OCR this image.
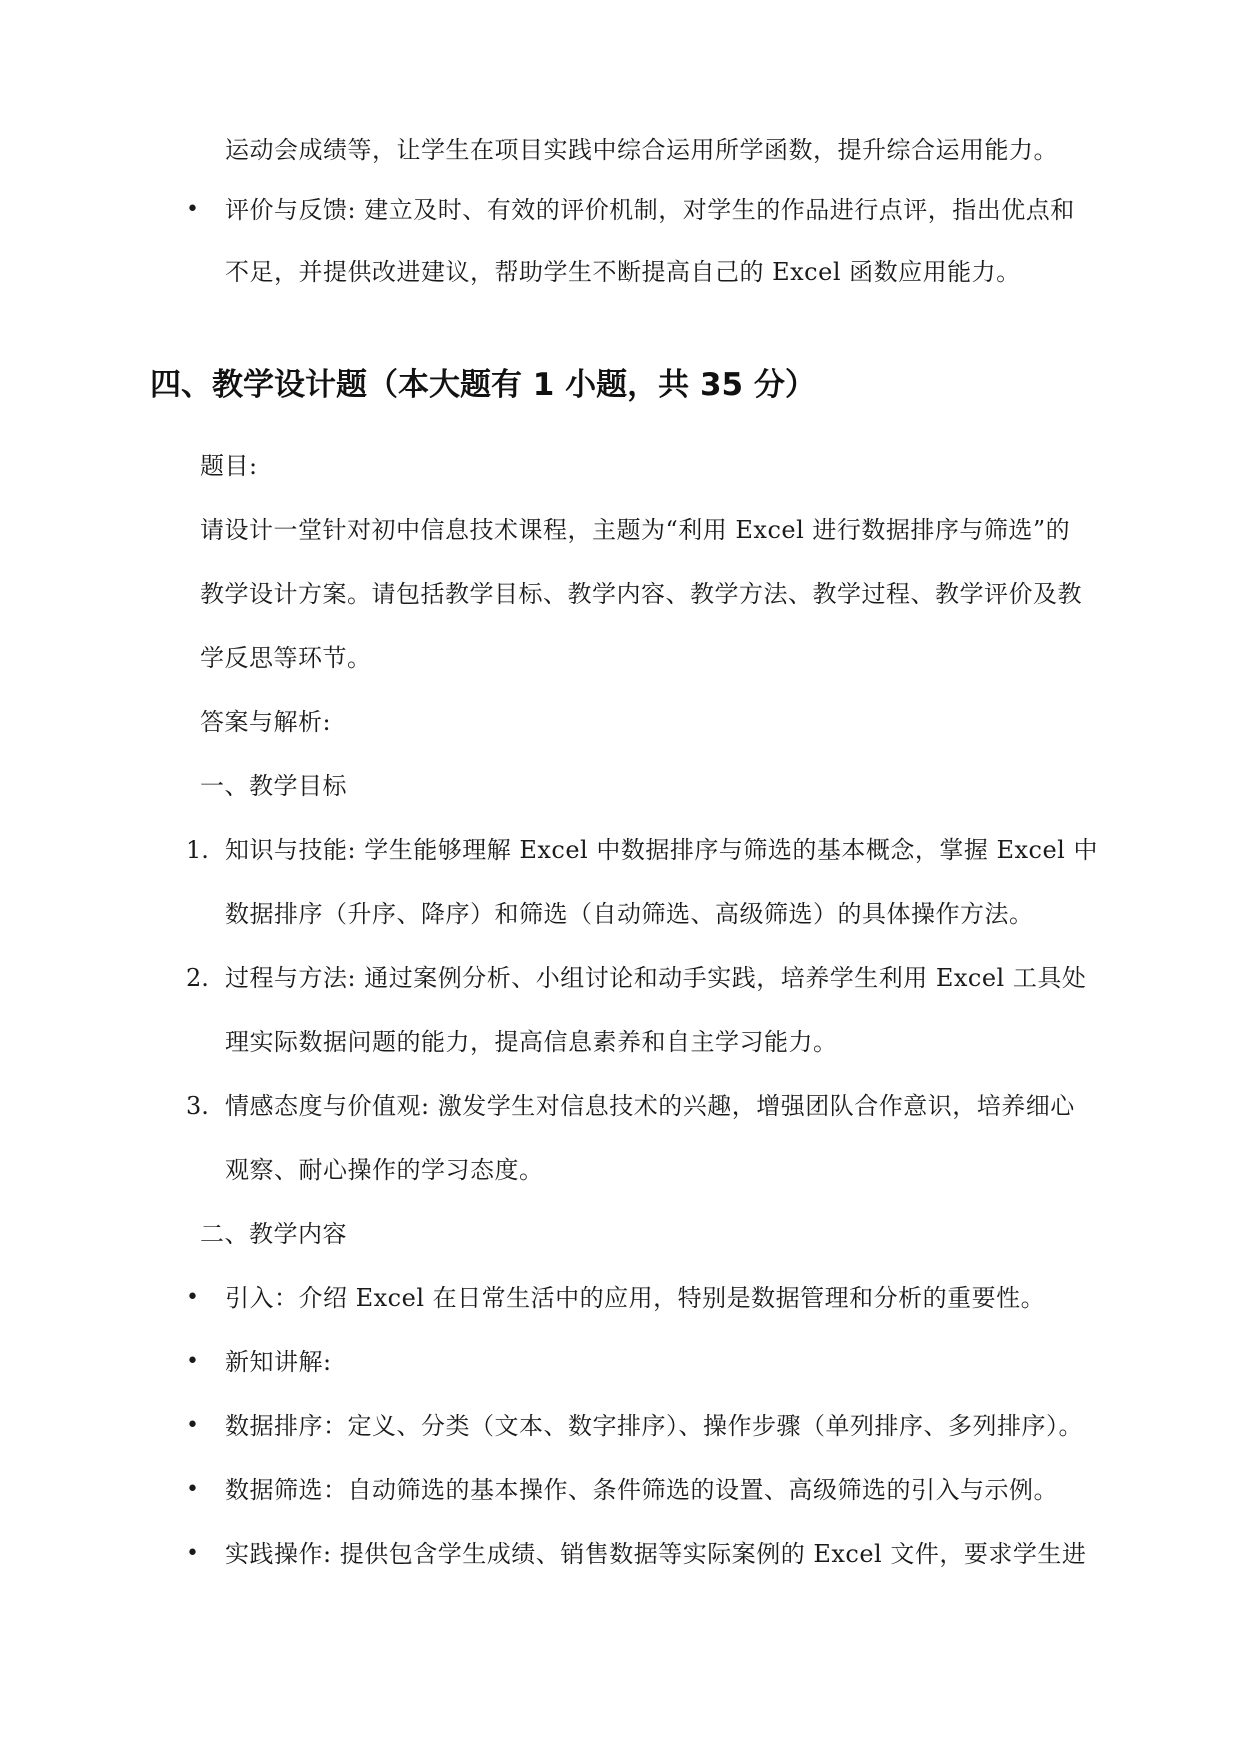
运动会成绩等，让学生在项目实践中综合运用所学函数，提升综合运用能力。
• 评价与反馈: 建立及时、有效的评价机制，对学生的作品进行点评，指出优点和
不足，并提供改进建议，帮助学生不断提高自己的 Excel 函数应用能力。
四、教学设计题（本大题有 1 小题，共 35 分）
题目:
请设计一堂针对初中信息技术课程，主题为“利用 Excel 进行数据排序与筛选”的
教学设计方案。请包括教学目标、教学内容、教学方法、教学过程、教学评价及教
学反思等环节。
答案与解析:
一、教学目标
1. 知识与技能: 学生能够理解 Excel 中数据排序与筛选的基本概念，掌握 Excel 中
数据排序（升序、降序）和筛选（自动筛选、高级筛选）的具体操作方法。
2. 过程与方法: 通过案例分析、小组讨论和动手实践，培养学生利用 Excel 工具处
理实际数据问题的能力，提高信息素养和自主学习能力。
3. 情感态度与价值观: 激发学生对信息技术的兴趣，增强团队合作意识，培养细心
观察、耐心操作的学习态度。
二、教学内容
• 引入：介绍 Excel 在日常生活中的应用，特别是数据管理和分析的重要性。
• 新知讲解:
• 数据排序：定义、分类（文本、数字排序）、操作步骤（单列排序、多列排序）。
• 数据筛选：自动筛选的基本操作、条件筛选的设置、高级筛选的引入与示例。
• 实践操作: 提供包含学生成绩、销售数据等实际案例的 Excel 文件，要求学生进
